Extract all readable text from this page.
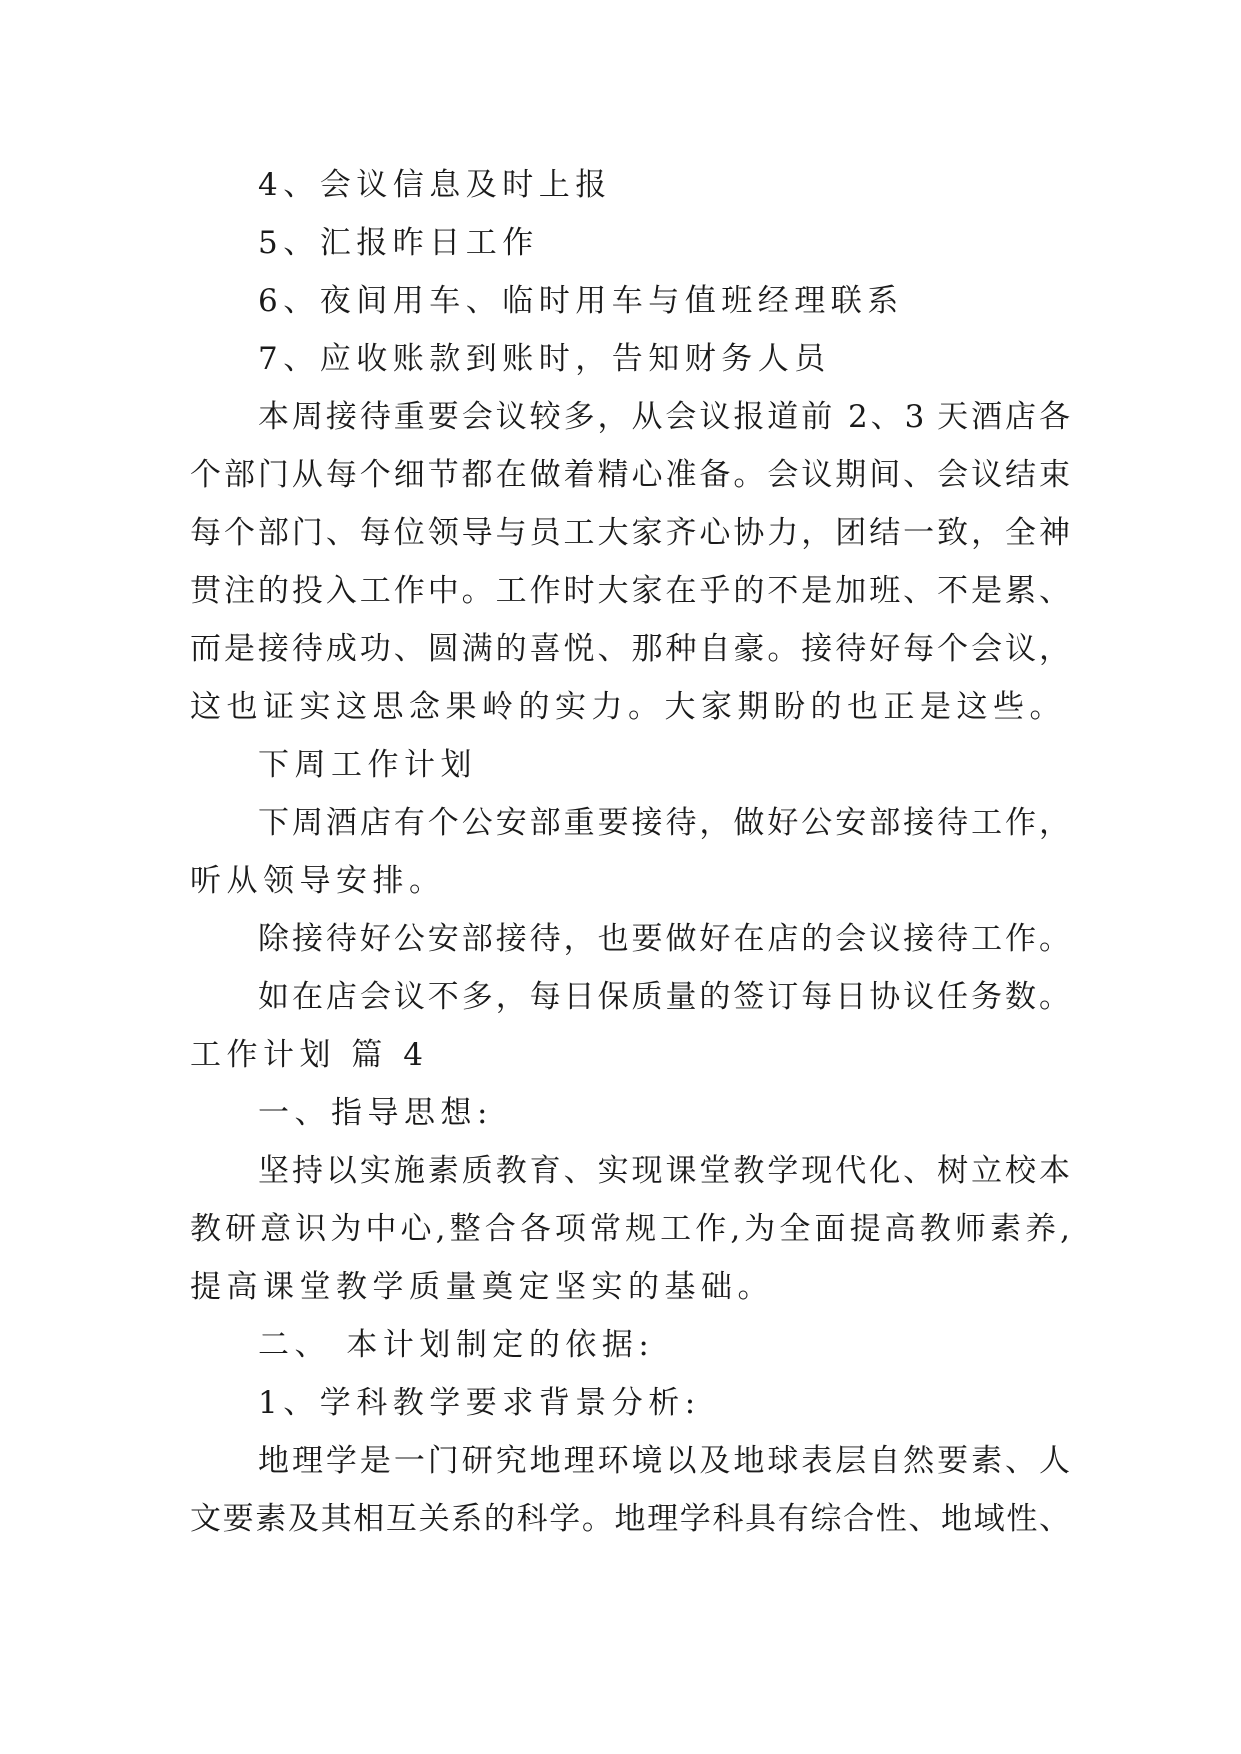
4、会议信息及时上报
5、汇报昨日工作
6、夜间用车、临时用车与值班经理联系
7、应收账款到账时，告知财务人员
本周接待重要会议较多，从会议报道前 2、3 天酒店各
个部门从每个细节都在做着精心准备。会议期间、会议结束
每个部门、每位领导与员工大家齐心协力，团结一致，全神
贯注的投入工作中。工作时大家在乎的不是加班、不是累、
而是接待成功、圆满的喜悦、那种自豪。接待好每个会议，
这也证实这思念果岭的实力。大家期盼的也正是这些。
下周工作计划
下周酒店有个公安部重要接待，做好公安部接待工作，
听从领导安排。
除接待好公安部接待，也要做好在店的会议接待工作。
如在店会议不多，每日保质量的签订每日协议任务数。
工作计划 篇 4
一、指导思想:
坚持以实施素质教育、实现课堂教学现代化、树立校本
教研意识为中心,整合各项常规工作,为全面提高教师素养,
提高课堂教学质量奠定坚实的基础。
二、 本计划制定的依据:
1、学科教学要求背景分析:
地理学是一门研究地理环境以及地球表层自然要素、人
文要素及其相互关系的科学。地理学科具有综合性、地域性、
